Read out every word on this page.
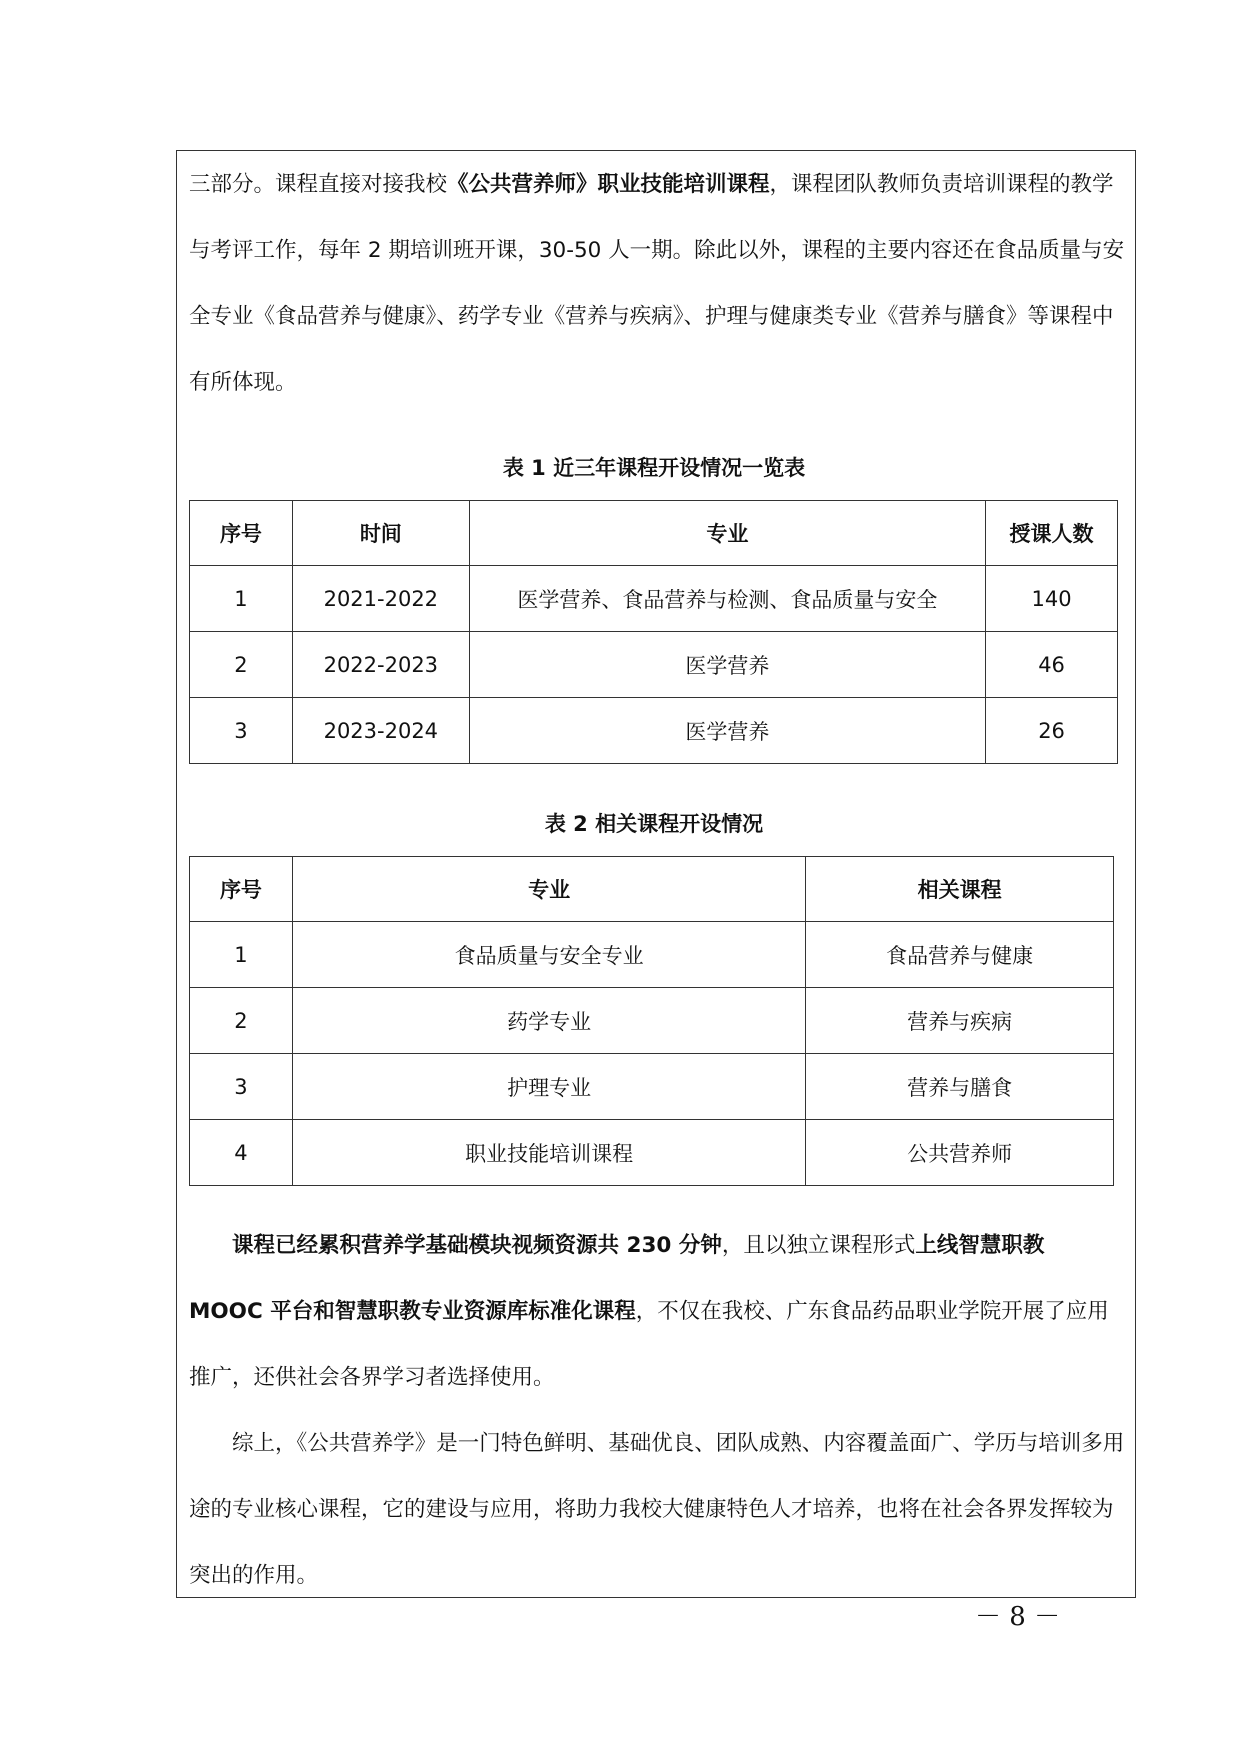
三部分。课程直接对接我校《公共营养师》职业技能培训课程，课程团队教师负责培训课程的教学与考评工作，每年 2 期培训班开课，30-50 人一期。除此以外，课程的主要内容还在食品质量与安全专业《食品营养与健康》、药学专业《营养与疾病》、护理与健康类专业《营养与膳食》等课程中有所体现。

表 1 近三年课程开设情况一览表
序号	时间	专业	授课人数
1	2021-2022	医学营养、食品营养与检测、食品质量与安全	140
2	2022-2023	医学营养	46
3	2023-2024	医学营养	26
表 2 相关课程开设情况
序号	专业	相关课程
1	食品质量与安全专业	食品营养与健康
2	药学专业	营养与疾病
3	护理专业	营养与膳食
4	职业技能培训课程	公共营养师

课程已经累积营养学基础模块视频资源共 230 分钟，且以独立课程形式上线智慧职教 MOOC 平台和智慧职教专业资源库标准化课程，不仅在我校、广东食品药品职业学院开展了应用推广，还供社会各界学习者选择使用。

综上，《公共营养学》是一门特色鲜明、基础优良、团队成熟、内容覆盖面广、学历与培训多用途的专业核心课程，它的建设与应用，将助力我校大健康特色人才培养，也将在社会各界发挥较为突出的作用。

－ 8 －
